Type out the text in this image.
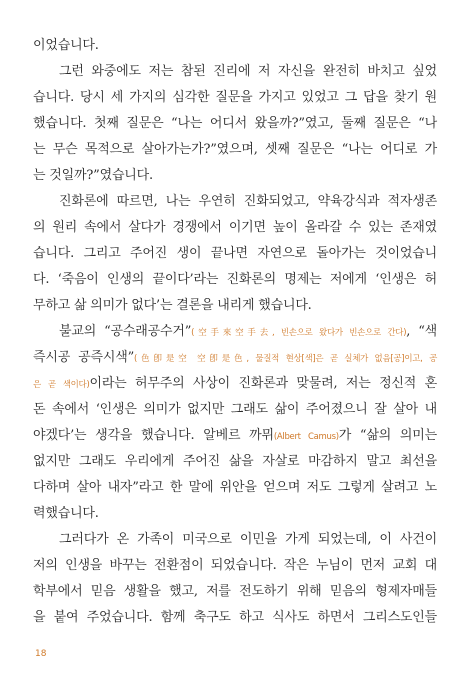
이었습니다.
그런 와중에도 저는 참된 진리에 저 자신을 완전히 바치고 싶었
습니다. 당시 세 가지의 심각한 질문을 가지고 있었고 그 답을 찾기 원
했습니다. 첫째 질문은 “나는 어디서 왔을까?”였고, 둘째 질문은 “나
는 무슨 목적으로 살아가는가?”였으며, 셋째 질문은 “나는 어디로 가
는 것일까?”였습니다.
진화론에 따르면, 나는 우연히 진화되었고, 약육강식과 적자생존
의 원리 속에서 살다가 경쟁에서 이기면 높이 올라갈 수 있는 존재였
습니다. 그리고 주어진 생이 끝나면 자연으로 돌아가는 것이었습니
다. ‘죽음이 인생의 끝이다’라는 진화론의 명제는 저에게 ‘인생은 허
무하고 삶 의미가 없다’는 결론을 내리게 했습니다.
불교의 “공수래공수거”(空手來空手去, 빈손으로 왔다가 빈손으로 간다), “색
즉시공 공즉시색”(色卽是空 空卽是色, 물질적 현상[색]은 곧 실체가 없음[공]이고, 공
은 곧 색이다)이라는 허무주의 사상이 진화론과 맞물려, 저는 정신적 혼
돈 속에서 ‘인생은 의미가 없지만 그래도 삶이 주어졌으니 잘 살아 내
야겠다’는 생각을 했습니다. 알베르 까뮈(Albert Camus)가 “삶의 의미는
없지만 그래도 우리에게 주어진 삶을 자살로 마감하지 말고 최선을
다하며 살아 내자”라고 한 말에 위안을 얻으며 저도 그렇게 살려고 노
력했습니다.
그러다가 온 가족이 미국으로 이민을 가게 되었는데, 이 사건이
저의 인생을 바꾸는 전환점이 되었습니다. 작은 누님이 먼저 교회 대
학부에서 믿음 생활을 했고, 저를 전도하기 위해 믿음의 형제자매들
을 붙여 주었습니다. 함께 축구도 하고 식사도 하면서 그리스도인들
18
